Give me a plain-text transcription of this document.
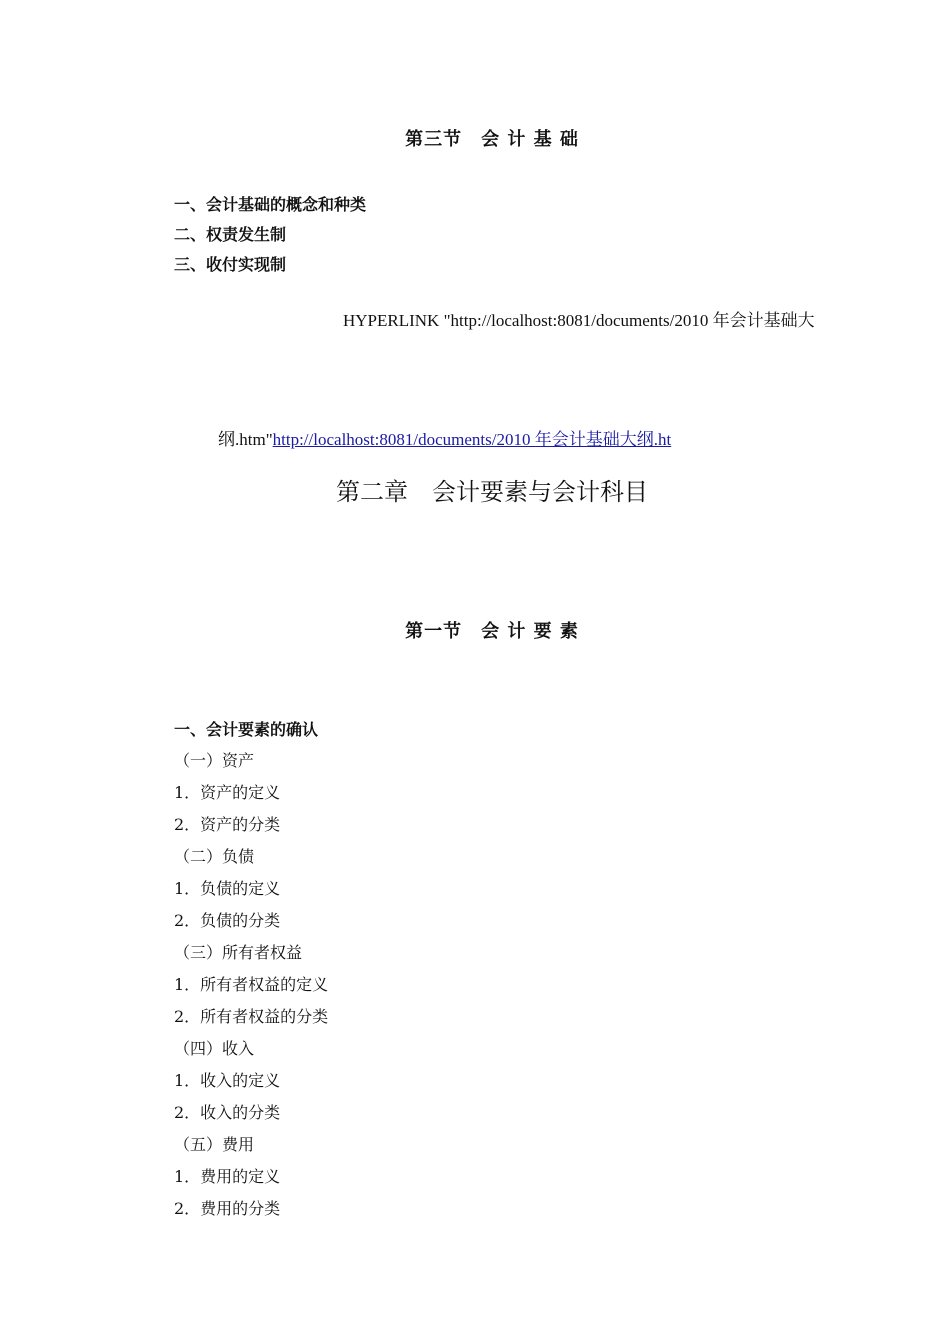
第三节　会 计 基 础
一、会计基础的概念和种类
二、权责发生制
三、收付实现制
HYPERLINK "http://localhost:8081/documents/2010 年会计基础大
纲.htm"http://localhost:8081/documents/2010 年会计基础大纲.ht
第二章　会计要素与会计科目
第一节　会 计 要 素
一、会计要素的确认
（一）资产
1．资产的定义
2．资产的分类
（二）负债
1．负债的定义
2．负债的分类
（三）所有者权益
1．所有者权益的定义
2．所有者权益的分类
（四）收入
1．收入的定义
2．收入的分类
（五）费用
1．费用的定义
2．费用的分类
